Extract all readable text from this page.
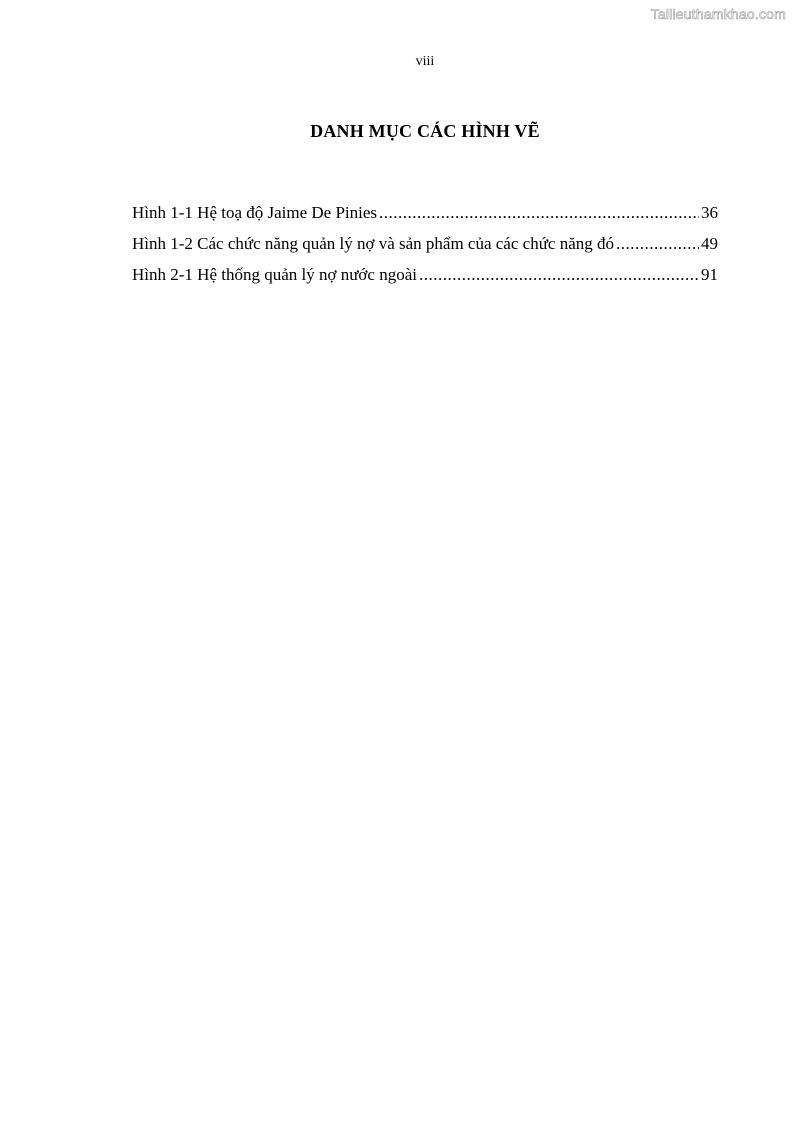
Tailieuthamkhao.com
viii
DANH MỤC CÁC HÌNH VẼ
Hình 1-1 Hệ toạ độ Jaime De Pinies .....	36
Hình 1-2 Các chức năng quản lý nợ và sản phẩm của các chức năng đó .....	49
Hình 2-1 Hệ thống quản lý nợ nước ngoài .....	91
